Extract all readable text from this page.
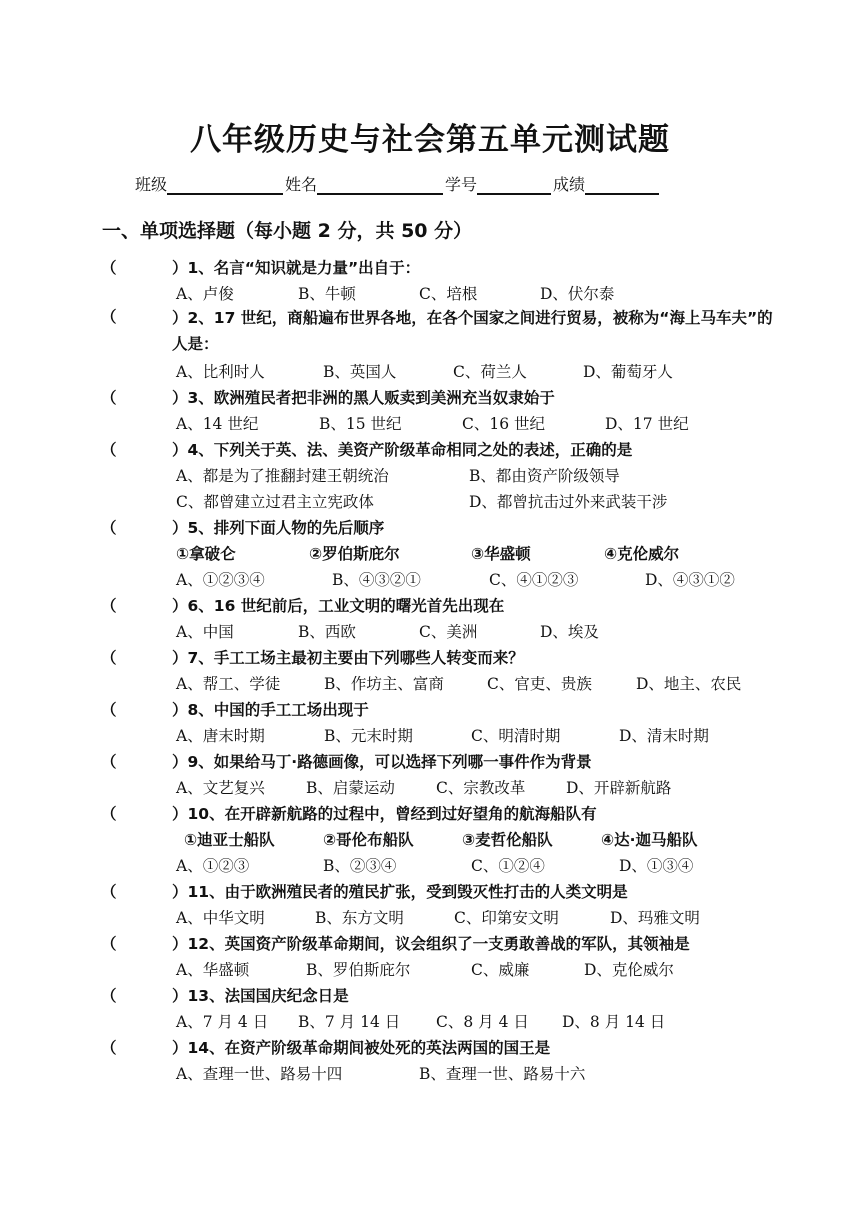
八年级历史与社会第五单元测试题
班级	姓名	学号	成绩
一、单项选择题（每小题 2 分，共 50 分）
（	）1、名言“知识就是力量”出自于：
A、卢俊	B、牛顿	C、培根	D、伏尔泰
（	）2、17 世纪，商船遍布世界各地，在各个国家之间进行贸易，被称为“海上马车夫”的人是：
A、比利时人	B、英国人	C、荷兰人	D、葡萄牙人
（	）3、欧洲殖民者把非洲的黑人贩卖到美洲充当奴隶始于
A、14 世纪	B、15 世纪	C、16 世纪	D、17 世纪
（	）4、下列关于英、法、美资产阶级革命相同之处的表述，正确的是
A、都是为了推翻封建王朝统治	B、都由资产阶级领导
C、都曾建立过君主立宪政体	D、都曾抗击过外来武装干涉
（	）5、排列下面人物的先后顺序
①拿破仑	②罗伯斯庇尔	③华盛顿	④克伦威尔
A、①②③④	B、④③②①	C、④①②③	D、④③①②
（	）6、16 世纪前后，工业文明的曙光首先出现在
A、中国	B、西欧	C、美洲	D、埃及
（	）7、手工工场主最初主要由下列哪些人转变而来？
A、帮工、学徒	B、作坊主、富商	C、官吏、贵族	D、地主、农民
（	）8、中国的手工工场出现于
A、唐末时期	B、元末时期	C、明清时期	D、清末时期
（	）9、如果给马丁·路德画像，可以选择下列哪一事件作为背景
A、文艺复兴	B、启蒙运动	C、宗教改革	D、开辟新航路
（	）10、在开辟新航路的过程中，曾经到过好望角的航海船队有
①迪亚士船队	②哥伦布船队	③麦哲伦船队	④达·迦马船队
A、①②③	B、②③④	C、①②④	D、①③④
（	）11、由于欧洲殖民者的殖民扩张，受到毁灭性打击的人类文明是
A、中华文明	B、东方文明	C、印第安文明	D、玛雅文明
（	）12、英国资产阶级革命期间，议会组织了一支勇敢善战的军队，其领袖是
A、华盛顿	B、罗伯斯庇尔	C、威廉	D、克伦威尔
（	）13、法国国庆纪念日是
A、7 月 4 日 B、7 月 14 日 C、8 月 4 日 D、8 月 14 日
（	）14、在资产阶级革命期间被处死的英法两国的国王是
A、查理一世、路易十四	B、查理一世、路易十六
